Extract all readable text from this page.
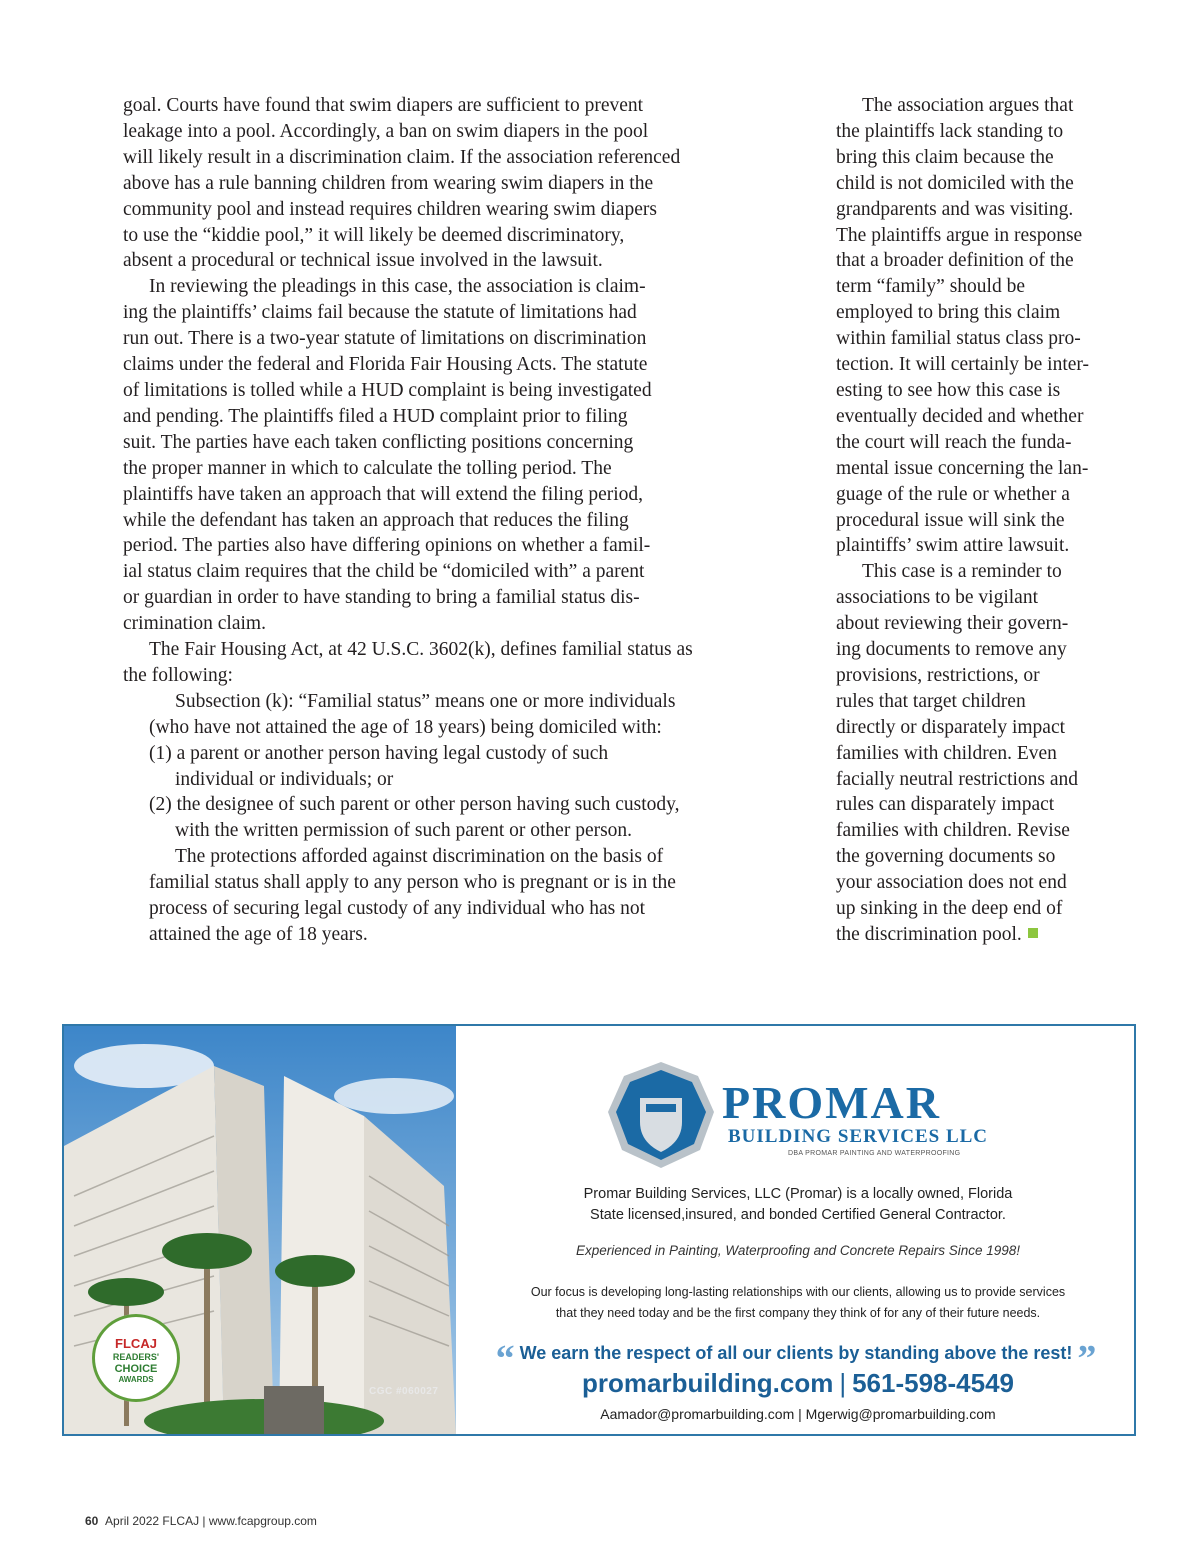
goal. Courts have found that swim diapers are sufficient to prevent
leakage into a pool. Accordingly, a ban on swim diapers in the pool
will likely result in a discrimination claim. If the association referenced
above has a rule banning children from wearing swim diapers in the
community pool and instead requires children wearing swim diapers
to use the “kiddie pool,” it will likely be deemed discriminatory,
absent a procedural or technical issue involved in the lawsuit.

In reviewing the pleadings in this case, the association is claim-
ing the plaintiffs’ claims fail because the statute of limitations had
run out. There is a two-year statute of limitations on discrimination
claims under the federal and Florida Fair Housing Acts. The statute
of limitations is tolled while a HUD complaint is being investigated
and pending. The plaintiffs filed a HUD complaint prior to filing
suit. The parties have each taken conflicting positions concerning
the proper manner in which to calculate the tolling period. The
plaintiffs have taken an approach that will extend the filing period,
while the defendant has taken an approach that reduces the filing
period. The parties also have differing opinions on whether a famil-
ial status claim requires that the child be “domiciled with” a parent
or guardian in order to have standing to bring a familial status dis-
crimination claim.

The Fair Housing Act, at 42 U.S.C. 3602(k), defines familial status as
the following:

Subsection (k): “Familial status” means one or more individuals
(who have not attained the age of 18 years) being domiciled with:

(1) a parent or another person having legal custody of such
individual or individuals; or

(2) the designee of such parent or other person having such custody,
with the written permission of such parent or other person.

The protections afforded against discrimination on the basis of
familial status shall apply to any person who is pregnant or is in the
process of securing legal custody of any individual who has not
attained the age of 18 years.

The association argues that
the plaintiffs lack standing to
bring this claim because the
child is not domiciled with the
grandparents and was visiting.
The plaintiffs argue in response
that a broader definition of the
term “family” should be
employed to bring this claim
within familial status class pro-
tection. It will certainly be inter-
esting to see how this case is
eventually decided and whether
the court will reach the funda-
mental issue concerning the lan-
guage of the rule or whether a
procedural issue will sink the
plaintiffs’ swim attire lawsuit.

This case is a reminder to
associations to be vigilant
about reviewing their govern-
ing documents to remove any
provisions, restrictions, or
rules that target children
directly or disparately impact
families with children. Even
facially neutral restrictions and
rules can disparately impact
families with children. Revise
the governing documents so
your association does not end
up sinking in the deep end of
the discrimination pool.

FLCAJ
READERS'
CHOICE
AWARDS
CGC #060027
PROMAR
BUILDING SERVICES LLC
DBA PROMAR PAINTING AND WATERPROOFING
Promar Building Services, LLC (Promar) is a locally owned, Florida
State licensed,insured, and bonded Certified General Contractor.
Experienced in Painting, Waterproofing and Concrete Repairs Since 1998!
Our focus is developing long-lasting relationships with our clients, allowing us to provide services
that they need today and be the first company they think of for any of their future needs.
“ We earn the respect of all our clients by standing above the rest! ”
promarbuilding.com | 561-598-4549
Aamador@promarbuilding.com | Mgerwig@promarbuilding.com
60 April 2022 FLCAJ | www.fcapgroup.com
